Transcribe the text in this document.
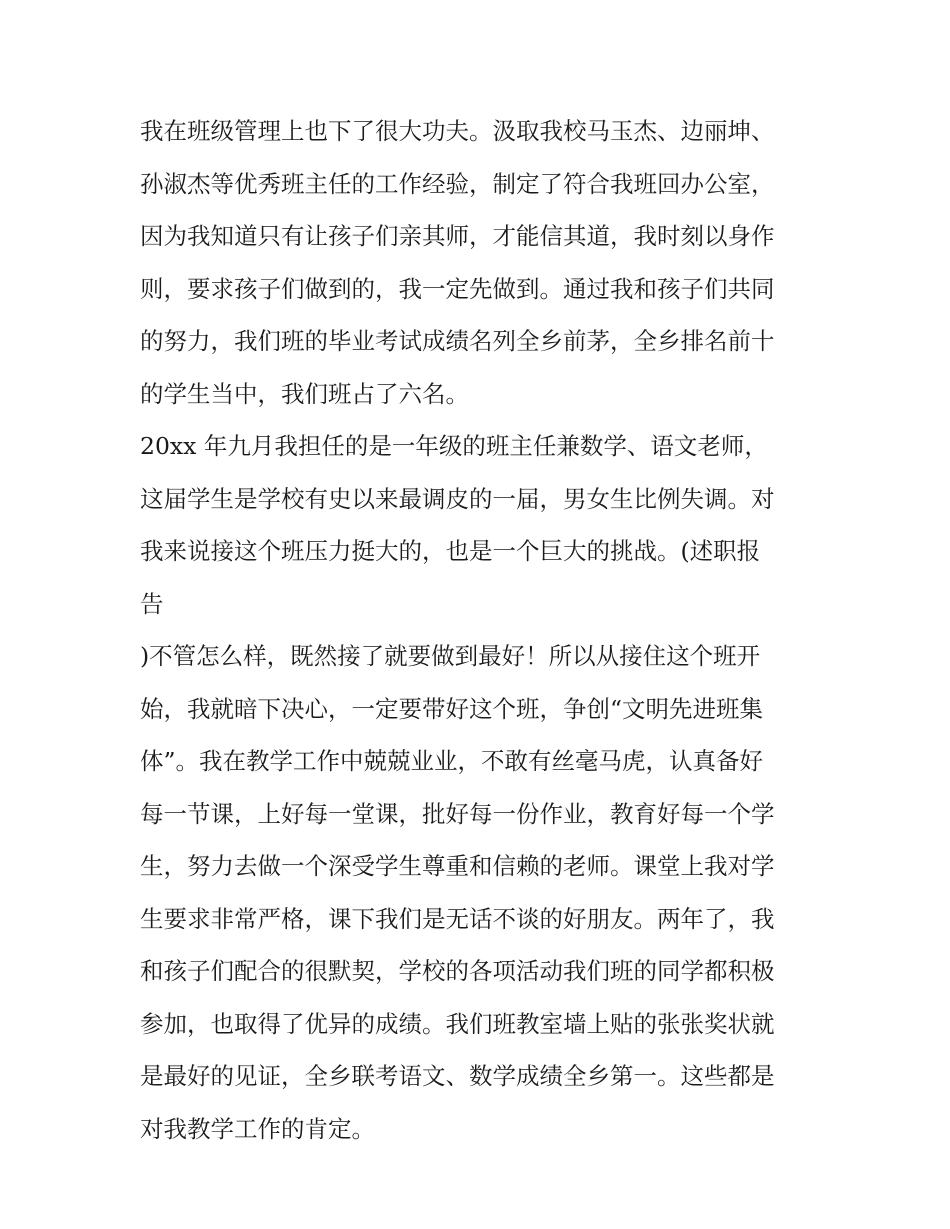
我在班级管理上也下了很大功夫。汲取我校马玉杰、边丽坤、
孙淑杰等优秀班主任的工作经验，制定了符合我班回办公室，
因为我知道只有让孩子们亲其师，才能信其道，我时刻以身作
则，要求孩子们做到的，我一定先做到。通过我和孩子们共同
的努力，我们班的毕业考试成绩名列全乡前茅，全乡排名前十
的学生当中，我们班占了六名。
20xx 年九月我担任的是一年级的班主任兼数学、语文老师，
这届学生是学校有史以来最调皮的一届，男女生比例失调。对
我来说接这个班压力挺大的，也是一个巨大的挑战。(述职报
告
)不管怎么样，既然接了就要做到最好！所以从接住这个班开
始，我就暗下决心，一定要带好这个班，争创“文明先进班集
体”。我在教学工作中兢兢业业，不敢有丝毫马虎，认真备好
每一节课，上好每一堂课，批好每一份作业，教育好每一个学
生，努力去做一个深受学生尊重和信赖的老师。课堂上我对学
生要求非常严格，课下我们是无话不谈的好朋友。两年了，我
和孩子们配合的很默契，学校的各项活动我们班的同学都积极
参加，也取得了优异的成绩。我们班教室墙上贴的张张奖状就
是最好的见证，全乡联考语文、数学成绩全乡第一。这些都是
对我教学工作的肯定。
